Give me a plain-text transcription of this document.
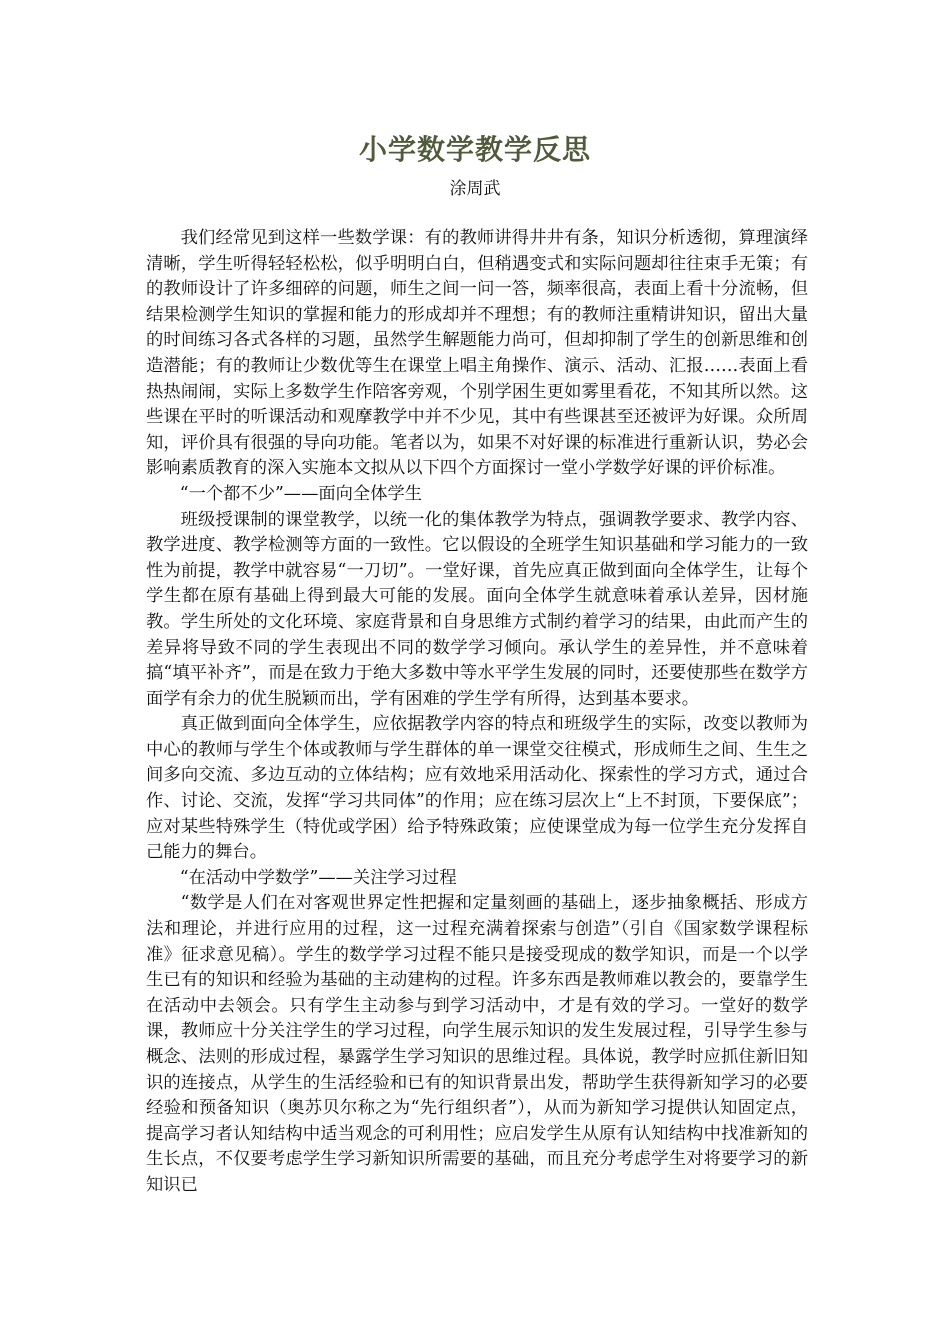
小学数学教学反思
涂周武

我们经常见到这样一些数学课：有的教师讲得井井有条，知识分析透彻，算理演绎清晰，学生听得轻轻松松，似乎明明白白，但稍遇变式和实际问题却往往束手无策；有的教师设计了许多细碎的问题，师生之间一问一答，频率很高，表面上看十分流畅，但结果检测学生知识的掌握和能力的形成却并不理想；有的教师注重精讲知识，留出大量的时间练习各式各样的习题，虽然学生解题能力尚可，但却抑制了学生的创新思维和创造潜能；有的教师让少数优等生在课堂上唱主角操作、演示、活动、汇报……表面上看热热闹闹，实际上多数学生作陪客旁观，个别学困生更如雾里看花，不知其所以然。这些课在平时的听课活动和观摩教学中并不少见，其中有些课甚至还被评为好课。众所周知，评价具有很强的导向功能。笔者以为，如果不对好课的标准进行重新认识，势必会影响素质教育的深入实施本文拟从以下四个方面探讨一堂小学数学好课的评价标准。

“一个都不少”——面向全体学生

班级授课制的课堂教学，以统一化的集体教学为特点，强调教学要求、教学内容、教学进度、教学检测等方面的一致性。它以假设的全班学生知识基础和学习能力的一致性为前提，教学中就容易“一刀切”。一堂好课，首先应真正做到面向全体学生，让每个学生都在原有基础上得到最大可能的发展。面向全体学生就意味着承认差异，因材施教。学生所处的文化环境、家庭背景和自身思维方式制约着学习的结果，由此而产生的差异将导致不同的学生表现出不同的数学学习倾向。承认学生的差异性，并不意味着搞“填平补齐”，而是在致力于绝大多数中等水平学生发展的同时，还要使那些在数学方面学有余力的优生脱颖而出，学有困难的学生学有所得，达到基本要求。

真正做到面向全体学生，应依据教学内容的特点和班级学生的实际，改变以教师为中心的教师与学生个体或教师与学生群体的单一课堂交往模式，形成师生之间、生生之间多向交流、多边互动的立体结构；应有效地采用活动化、探索性的学习方式，通过合作、讨论、交流，发挥“学习共同体”的作用；应在练习层次上“上不封顶，下要保底”；应对某些特殊学生（特优或学困）给予特殊政策；应使课堂成为每一位学生充分发挥自己能力的舞台。

“在活动中学数学”——关注学习过程

“数学是人们在对客观世界定性把握和定量刻画的基础上，逐步抽象概括、形成方法和理论，并进行应用的过程，这一过程充满着探索与创造”（引自《国家数学课程标准》征求意见稿）。学生的数学学习过程不能只是接受现成的数学知识，而是一个以学生已有的知识和经验为基础的主动建构的过程。许多东西是教师难以教会的，要靠学生在活动中去领会。只有学生主动参与到学习活动中，才是有效的学习。一堂好的数学课，教师应十分关注学生的学习过程，向学生展示知识的发生发展过程，引导学生参与概念、法则的形成过程，暴露学生学习知识的思维过程。具体说，教学时应抓住新旧知识的连接点，从学生的生活经验和已有的知识背景出发，帮助学生获得新知学习的必要经验和预备知识（奥苏贝尔称之为“先行组织者”），从而为新知学习提供认知固定点，提高学习者认知结构中适当观念的可利用性；应启发学生从原有认知结构中找准新知的生长点，不仅要考虑学生学习新知识所需要的基础，而且充分考虑学生对将要学习的新知识已
